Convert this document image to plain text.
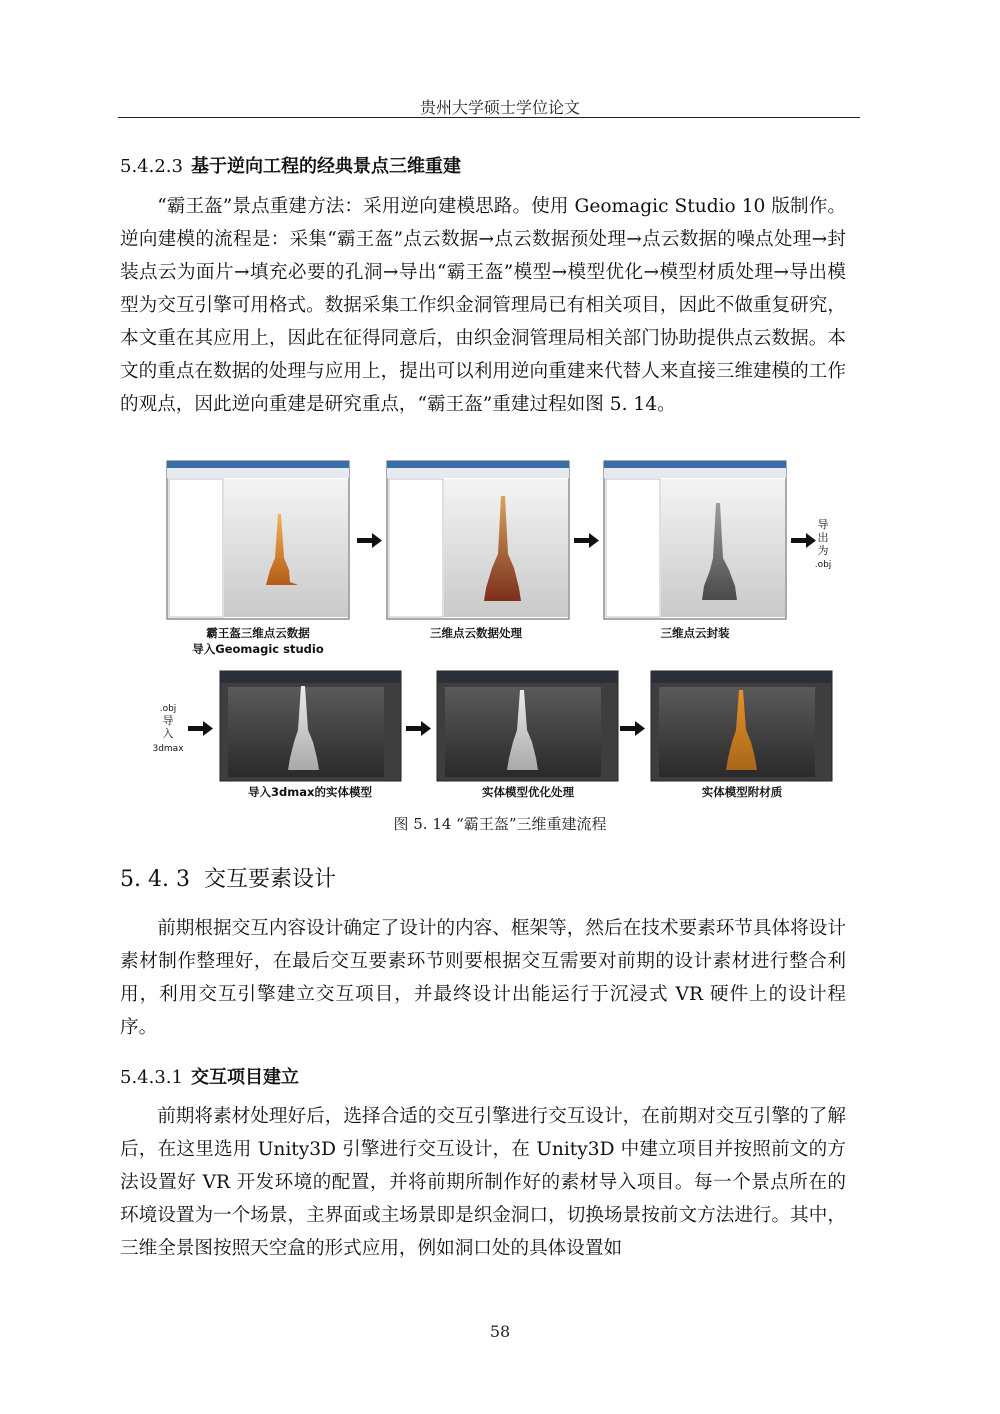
贵州大学硕士学位论文
5.4.2.3 基于逆向工程的经典景点三维重建

“霸王盔”景点重建方法：采用逆向建模思路。使用 Geomagic Studio 10 版制作。逆向建模的流程是：采集“霸王盔”点云数据→点云数据预处理→点云数据的噪点处理→封装点云为面片→填充必要的孔洞→导出“霸王盔”模型→模型优化→模型材质处理→导出模型为交互引擎可用格式。数据采集工作织金洞管理局已有相关项目，因此不做重复研究，本文重在其应用上，因此在征得同意后，由织金洞管理局相关部门协助提供点云数据。本文的重点在数据的处理与应用上，提出可以利用逆向重建来代替人来直接三维建模的工作的观点，因此逆向重建是研究重点，“霸王盔”重建过程如图 5. 14。

导
出
为
.obj
霸王盔三维点云数据
导入Geomagic studio
三维点云数据处理	三维点云封装
.obj
导
入
3dmax
导入3dmax的实体模型	实体模型优化处理	实体模型附材质
图 5. 14 “霸王盔”三维重建流程
5. 4. 3 交互要素设计

前期根据交互内容设计确定了设计的内容、框架等，然后在技术要素环节具体将设计素材制作整理好，在最后交互要素环节则要根据交互需要对前期的设计素材进行整合利用，利用交互引擎建立交互项目，并最终设计出能运行于沉浸式 VR 硬件上的设计程序。

5.4.3.1 交互项目建立

前期将素材处理好后，选择合适的交互引擎进行交互设计，在前期对交互引擎的了解后，在这里选用 Unity3D 引擎进行交互设计，在 Unity3D 中建立项目并按照前文的方法设置好 VR 开发环境的配置，并将前期所制作好的素材导入项目。每一个景点所在的环境设置为一个场景，主界面或主场景即是织金洞口，切换场景按前文方法进行。其中，三维全景图按照天空盒的形式应用，例如洞口处的具体设置如

58
